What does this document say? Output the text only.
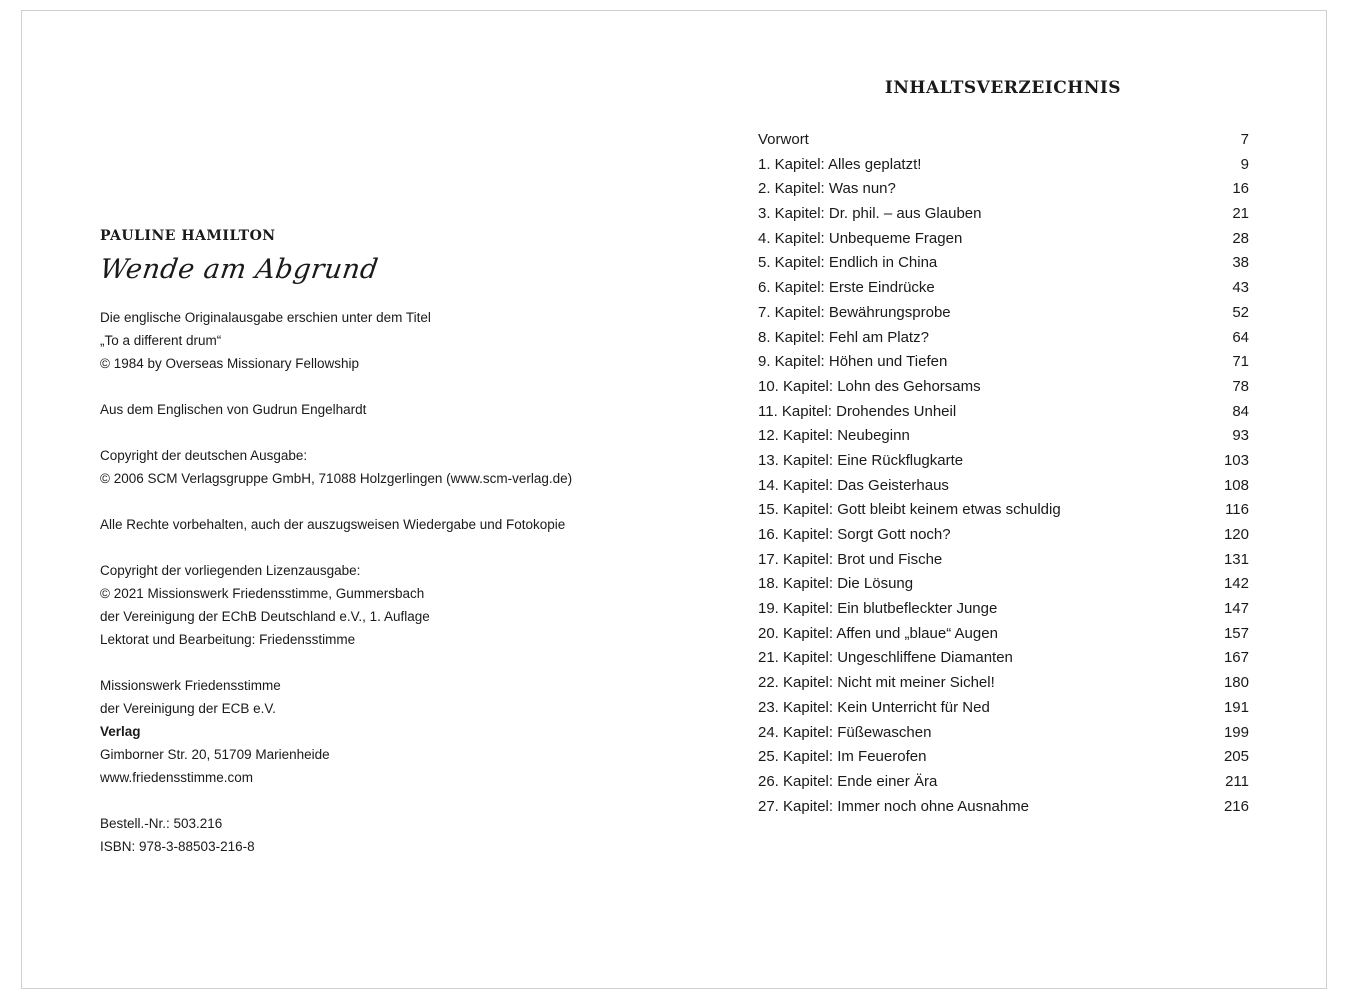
PAULINE HAMILTON
Wende am Abgrund
Die englische Originalausgabe erschien unter dem Titel
„To a different drum“
© 1984 by Overseas Missionary Fellowship
Aus dem Englischen von Gudrun Engelhardt
Copyright der deutschen Ausgabe:
© 2006 SCM Verlagsgruppe GmbH, 71088 Holzgerlingen (www.scm-verlag.de)
Alle Rechte vorbehalten, auch der auszugsweisen Wiedergabe und Fotokopie
Copyright der vorliegenden Lizenzausgabe:
© 2021 Missionswerk Friedensstimme, Gummersbach
der Vereinigung der EChB Deutschland e.V., 1. Auflage
Lektorat und Bearbeitung: Friedensstimme
Missionswerk Friedensstimme
der Vereinigung der ECB e.V.
Verlag
Gimborner Str. 20, 51709 Marienheide
www.friedensstimme.com
Bestell.-Nr.: 503.216
ISBN: 978-3-88503-216-8
INHALTSVERZEICHNIS
Vorwort	7
1. Kapitel: Alles geplatzt!	9
2. Kapitel: Was nun?	16
3. Kapitel: Dr. phil. – aus Glauben	21
4. Kapitel: Unbequeme Fragen	28
5. Kapitel: Endlich in China	38
6. Kapitel: Erste Eindrücke	43
7. Kapitel: Bewährungsprobe	52
8. Kapitel: Fehl am Platz?	64
9. Kapitel: Höhen und Tiefen	71
10. Kapitel: Lohn des Gehorsams	78
11. Kapitel: Drohendes Unheil	84
12. Kapitel: Neubeginn	93
13. Kapitel: Eine Rückflugkarte	103
14. Kapitel: Das Geisterhaus	108
15. Kapitel: Gott bleibt keinem etwas schuldig	116
16. Kapitel: Sorgt Gott noch?	120
17. Kapitel: Brot und Fische	131
18. Kapitel: Die Lösung	142
19. Kapitel: Ein blutbefleckter Junge	147
20. Kapitel: Affen und „blaue“ Augen	157
21. Kapitel: Ungeschliffene Diamanten	167
22. Kapitel: Nicht mit meiner Sichel!	180
23. Kapitel: Kein Unterricht für Ned	191
24. Kapitel: Füßewaschen	199
25. Kapitel: Im Feuerofen	205
26. Kapitel: Ende einer Ära	211
27. Kapitel: Immer noch ohne Ausnahme	216
